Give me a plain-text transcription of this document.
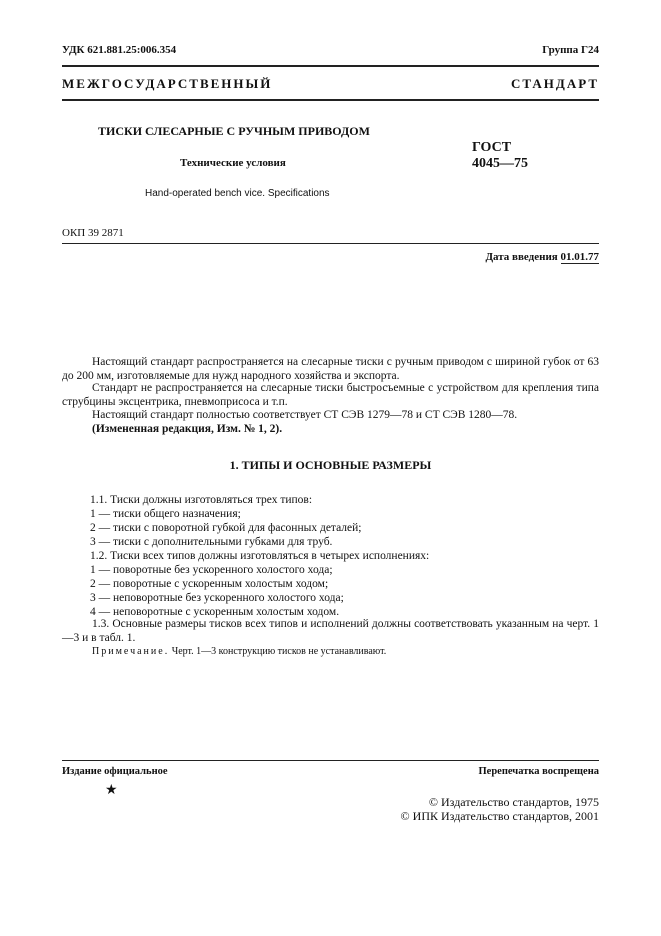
УДК 621.881.25:006.354	Группа Г24
МЕЖГОСУДАРСТВЕННЫЙ СТАНДАРТ
ТИСКИ СЛЕСАРНЫЕ С РУЧНЫМ ПРИВОДОМ
Технические условия
Hand-operated bench vice. Specifications
ГОСТ
4045—75
ОКП 39 2871
Дата введения 01.01.77
Настоящий стандарт распространяется на слесарные тиски с ручным приводом с шириной губок от 63 до 200 мм, изготовляемые для нужд народного хозяйства и экспорта.
Стандарт не распространяется на слесарные тиски быстросъемные с устройством для крепления типа струбцины эксцентрика, пневмоприсоса и т.п.
Настоящий стандарт полностью соответствует СТ СЭВ 1279—78 и СТ СЭВ 1280—78.
(Измененная редакция, Изм. № 1, 2).
1. ТИПЫ И ОСНОВНЫЕ РАЗМЕРЫ
1.1. Тиски должны изготовляться трех типов:
1 — тиски общего назначения;
2 — тиски с поворотной губкой для фасонных деталей;
3 — тиски с дополнительными губками для труб.
1.2. Тиски всех типов должны изготовляться в четырех исполнениях:
1 — поворотные без ускоренного холостого хода;
2 — поворотные с ускоренным холостым ходом;
3 — неповоротные без ускоренного холостого хода;
4 — неповоротные с ускоренным холостым ходом.
1.3. Основные размеры тисков всех типов и исполнений должны соответствовать указанным на черт. 1—3 и в табл. 1.
Примечание. Черт. 1—3 конструкцию тисков не устанавливают.
Издание официальное	Перепечатка воспрещена
★
© Издательство стандартов, 1975
© ИПК Издательство стандартов, 2001
